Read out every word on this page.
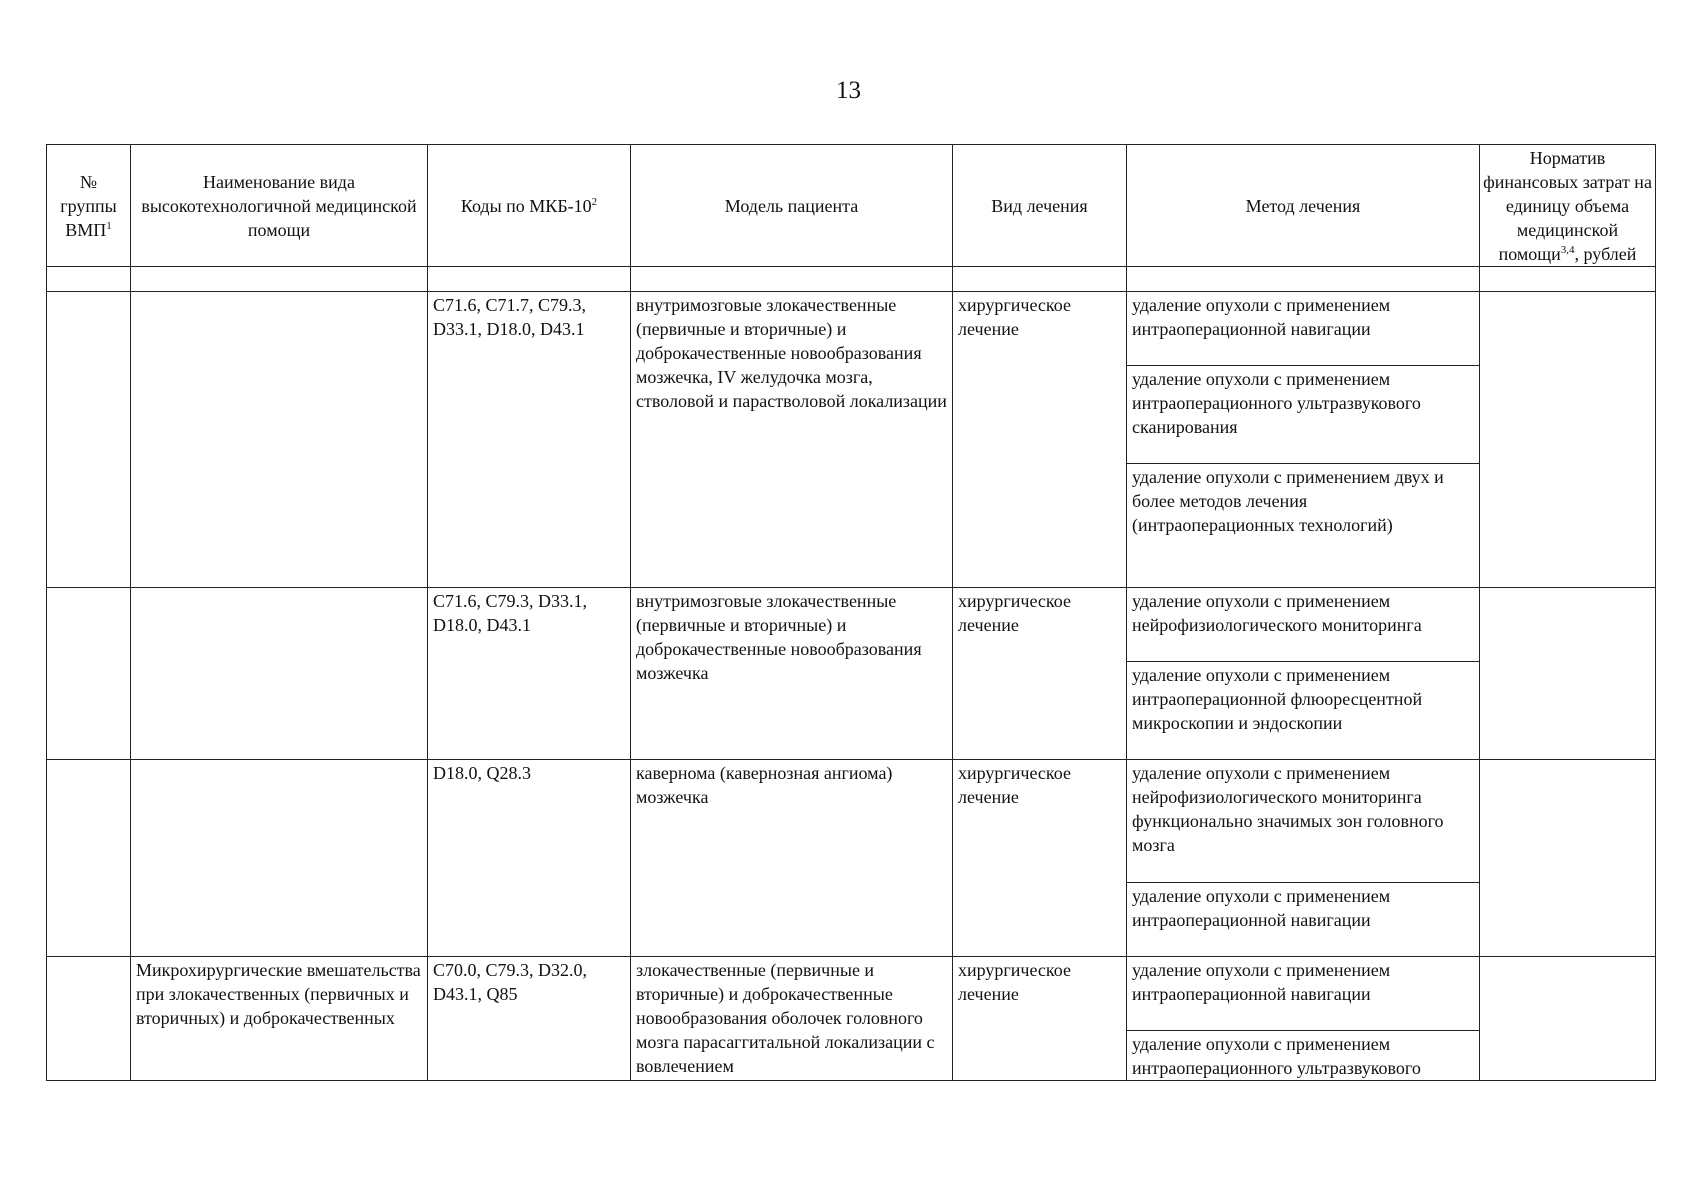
13
№ группы ВМП$^1$	Наименование вида высокотехнологичной медицинской помощи	Коды по МКБ-$10^2$	Модель пациента	Вид лечения	Метод лечения	Норматив финансовых затрат на единицу объема медицинской помощи$^{3,4}$, рублей

		C71.6, C71.7, C79.3, D33.1, D18.0, D43.1	внутримозговые злокачественные (первичные и вторичные) и доброкачественные новообразования мозжечка, IV желудочка мозга, стволовой и парастволовой локализации	хирургическое лечение	удаление опухоли с применением интраоперационной навигации
удаление опухоли с применением интраоперационного ультразвукового сканирования
удаление опухоли с применением двух и более методов лечения (интраоперационных технологий)	

		C71.6, C79.3, D33.1, D18.0, D43.1	внутримозговые злокачественные (первичные и вторичные) и доброкачественные новообразования мозжечка	хирургическое лечение	удаление опухоли с применением нейрофизиологического мониторинга
удаление опухоли с применением интраоперационной флюоресцентной микроскопии и эндоскопии	

		D18.0, Q28.3	кавернома (кавернозная ангиома) мозжечка	хирургическое лечение	удаление опухоли с применением нейрофизиологического мониторинга функционально значимых зон головного мозга
удаление опухоли с применением интраоперационной навигации	

	Микрохирургические вмешательства при злокачественных (первичных и вторичных) и доброкачественных	C70.0, C79.3, D32.0, D43.1, Q85	злокачественные (первичные и вторичные) и доброкачественные новообразования оболочек головного мозга парасаггитальной локализации с вовлечением	хирургическое лечение	удаление опухоли с применением интраоперационной навигации
удаление опухоли с применением интраоперационного ультразвукового	
